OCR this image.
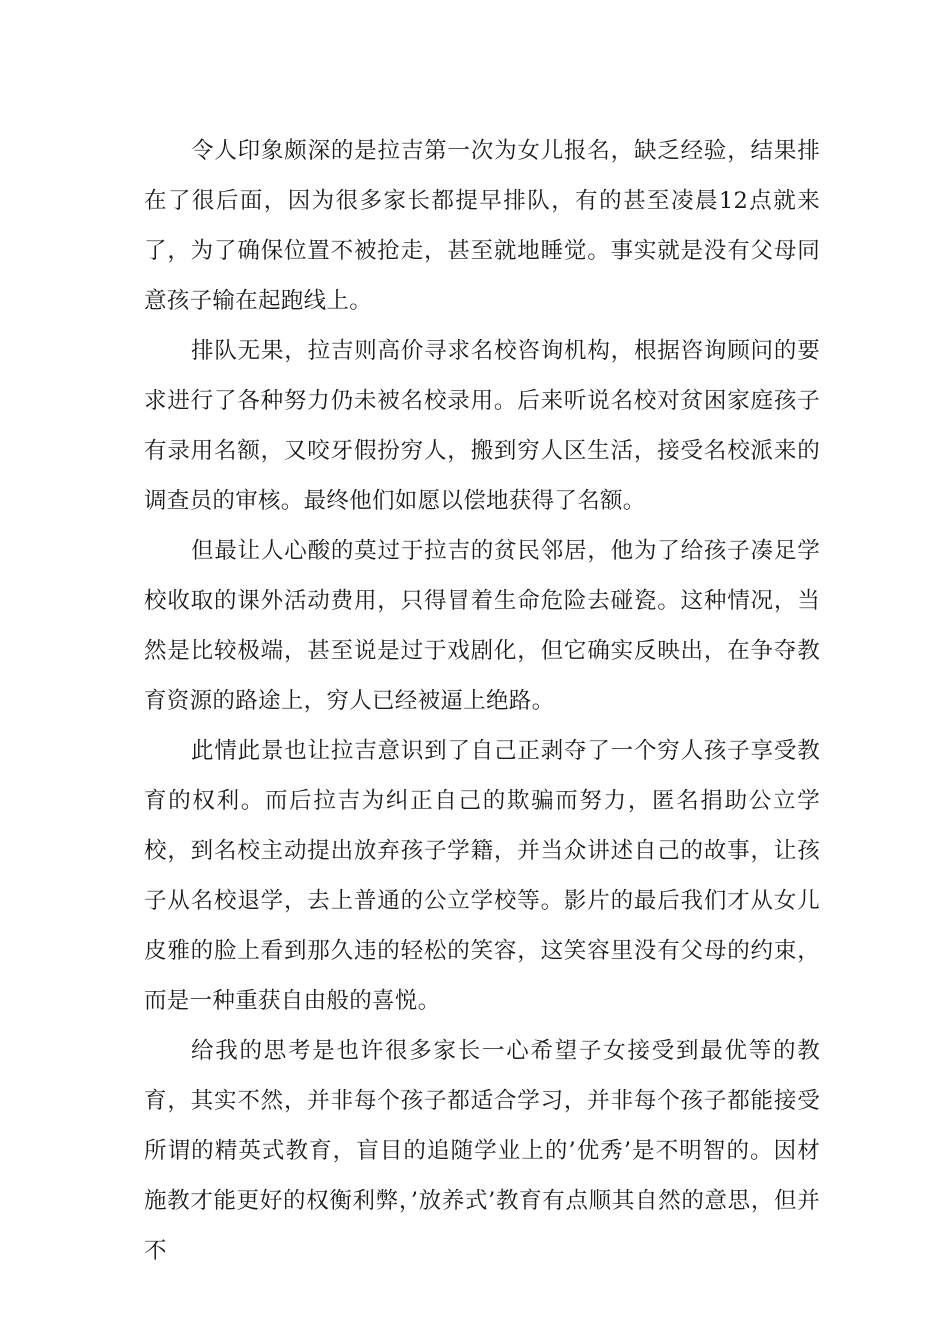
令人印象颇深的是拉吉第一次为女儿报名，缺乏经验，结果排在了很后面，因为很多家长都提早排队，有的甚至凌晨12点就来了，为了确保位置不被抢走，甚至就地睡觉。事实就是没有父母同意孩子输在起跑线上。

排队无果，拉吉则高价寻求名校咨询机构，根据咨询顾问的要求进行了各种努力仍未被名校录用。后来听说名校对贫困家庭孩子有录用名额，又咬牙假扮穷人，搬到穷人区生活，接受名校派来的调查员的审核。最终他们如愿以偿地获得了名额。

但最让人心酸的莫过于拉吉的贫民邻居，他为了给孩子凑足学校收取的课外活动费用，只得冒着生命危险去碰瓷。这种情况，当然是比较极端，甚至说是过于戏剧化，但它确实反映出，在争夺教育资源的路途上，穷人已经被逼上绝路。

此情此景也让拉吉意识到了自己正剥夺了一个穷人孩子享受教育的权利。而后拉吉为纠正自己的欺骗而努力，匿名捐助公立学校，到名校主动提出放弃孩子学籍，并当众讲述自己的故事，让孩子从名校退学，去上普通的公立学校等。影片的最后我们才从女儿皮雅的脸上看到那久违的轻松的笑容，这笑容里没有父母的约束，而是一种重获自由般的喜悦。

给我的思考是也许很多家长一心希望子女接受到最优等的教育，其实不然，并非每个孩子都适合学习，并非每个孩子都能接受所谓的精英式教育，盲目的追随学业上的’优秀’是不明智的。因材施教才能更好的权衡利弊，’放养式’教育有点顺其自然的意思，但并不
